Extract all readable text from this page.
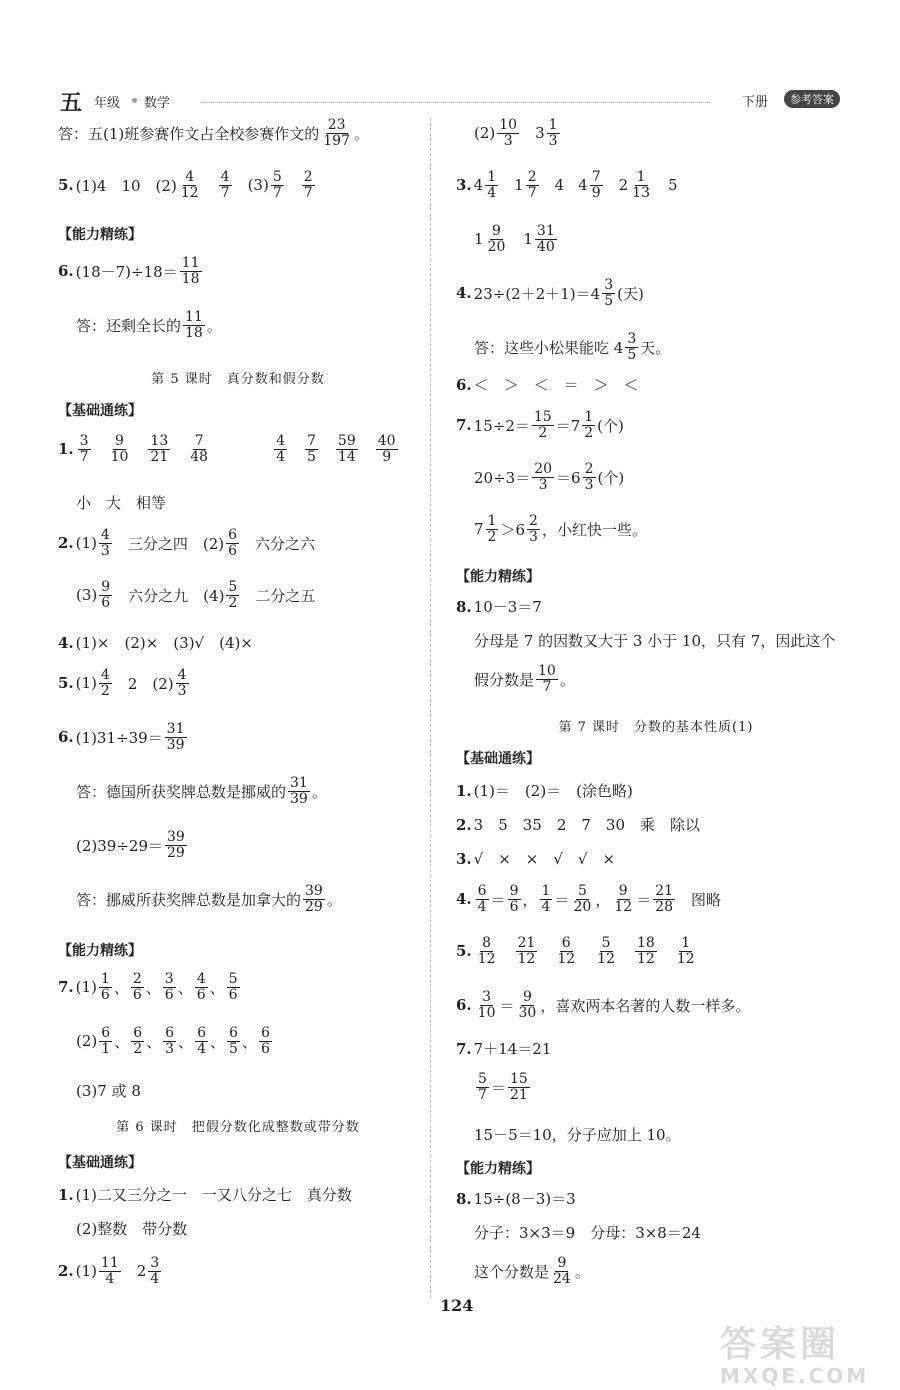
五 年级 数学	下册	参考答案
答：五(1)班参赛作文占全校参赛作文的 $\frac{23}{197}$ 。
5. (1)4　10　$(2) \frac{4}{12} \frac{4}{7} (3) \frac{5}{7} \frac{2}{7}$
【能力精练】
6. $(18-7)\div 18= \frac{11}{18}$
答：还剩全长的 $\frac{11}{18}$ 。
第 5 课时　真分数和假分数
【基础通练】
1. $\frac{3}{7} \frac{9}{10} \frac{13}{21} \frac{7}{48}$	$\frac{4}{4} \frac{7}{5} \frac{59}{14} \frac{40}{9}$
小　大　相等
2. $(1) \frac{4}{3}$ 三分之四　$(2) \frac{6}{6}$ 六分之六
$(3) \frac{9}{6}$ 六分之九　$(4) \frac{5}{2}$ 二分之五
4. (1)×　(2)×　(3)√　(4)×
5. $(1) \frac{4}{2} 2$　$(2) \frac{4}{3}$
6. $(1)31\div 39= \frac{31}{39}$
答：德国所获奖牌总数是挪威的 $\frac{31}{39}$ 。
$(2)39\div 29= \frac{39}{29}$
答：挪威所获奖牌总数是加拿大的 $\frac{39}{29}$ 。
【能力精练】
7. $(1) \frac{1}{6}$ 、 $\frac{2}{6}$ 、 $\frac{3}{6}$ 、 $\frac{4}{6}$ 、 $\frac{5}{6}$
$(2) \frac{6}{1}$ 、 $\frac{6}{2}$ 、 $\frac{6}{3}$ 、 $\frac{6}{4}$ 、 $\frac{6}{5}$ 、 $\frac{6}{6}$
(3)7 或 8
第 6 课时　把假分数化成整数或带分数
【基础通练】
1. (1)二又三分之一　一又八分之七　真分数
(2)整数　带分数
2. $(1) \frac{11}{4} 2 \frac{3}{4}$
$(2) \frac{10}{3} 3 \frac{1}{3}$
3. $4 \frac{1}{4} 1 \frac{2}{7} 4$ $4 \frac{7}{9} 2 \frac{1}{13} 5$
$1 \frac{9}{20} 1 \frac{31}{40}$
4. $23\div(2+2+1)=4 \frac{3}{5}$ (天)
答：这些小松果能吃 $4 \frac{3}{5}$ 天。
6. ＜　＞　＜　＝　＞　＜
7. $15\div 2= \frac{15}{2} =7 \frac{1}{2}$ (个)
$20\div 3= \frac{20}{3} =6 \frac{2}{3}$ (个)
$7 \frac{1}{2} >6 \frac{2}{3}$ ，小红快一些。
【能力精练】
8. 10－3＝7
分母是 7 的因数又大于 3 小于 10，只有 7，因此这个
假分数是 $\frac{10}{7}$ 。
第 7 课时　分数的基本性质(1)
【基础通练】
1. (1)＝　(2)＝　(涂色略)
2. 3　5　35　2　7　30　乘　除以
3. √　×　×　√　√　×
4. $\frac{6}{4} = \frac{9}{6}$ ， $\frac{1}{4} = \frac{5}{20}$ ， $\frac{9}{12} = \frac{21}{28}$ 图略
5. $\frac{8}{12} \frac{21}{12} \frac{6}{12} \frac{5}{12} \frac{18}{12} \frac{1}{12}$
6. $\frac{3}{10} = \frac{9}{30}$ ，喜欢两本名著的人数一样多。
7. 7＋14＝21
$\frac{5}{7} = \frac{15}{21}$
15－5＝10，分子应加上 10。
【能力精练】
8. 15÷(8－3)＝3
分子：3×3＝9　分母：3×8＝24
这个分数是 $\frac{9}{24}$ 。
124
答案圈
MXQE.COM
